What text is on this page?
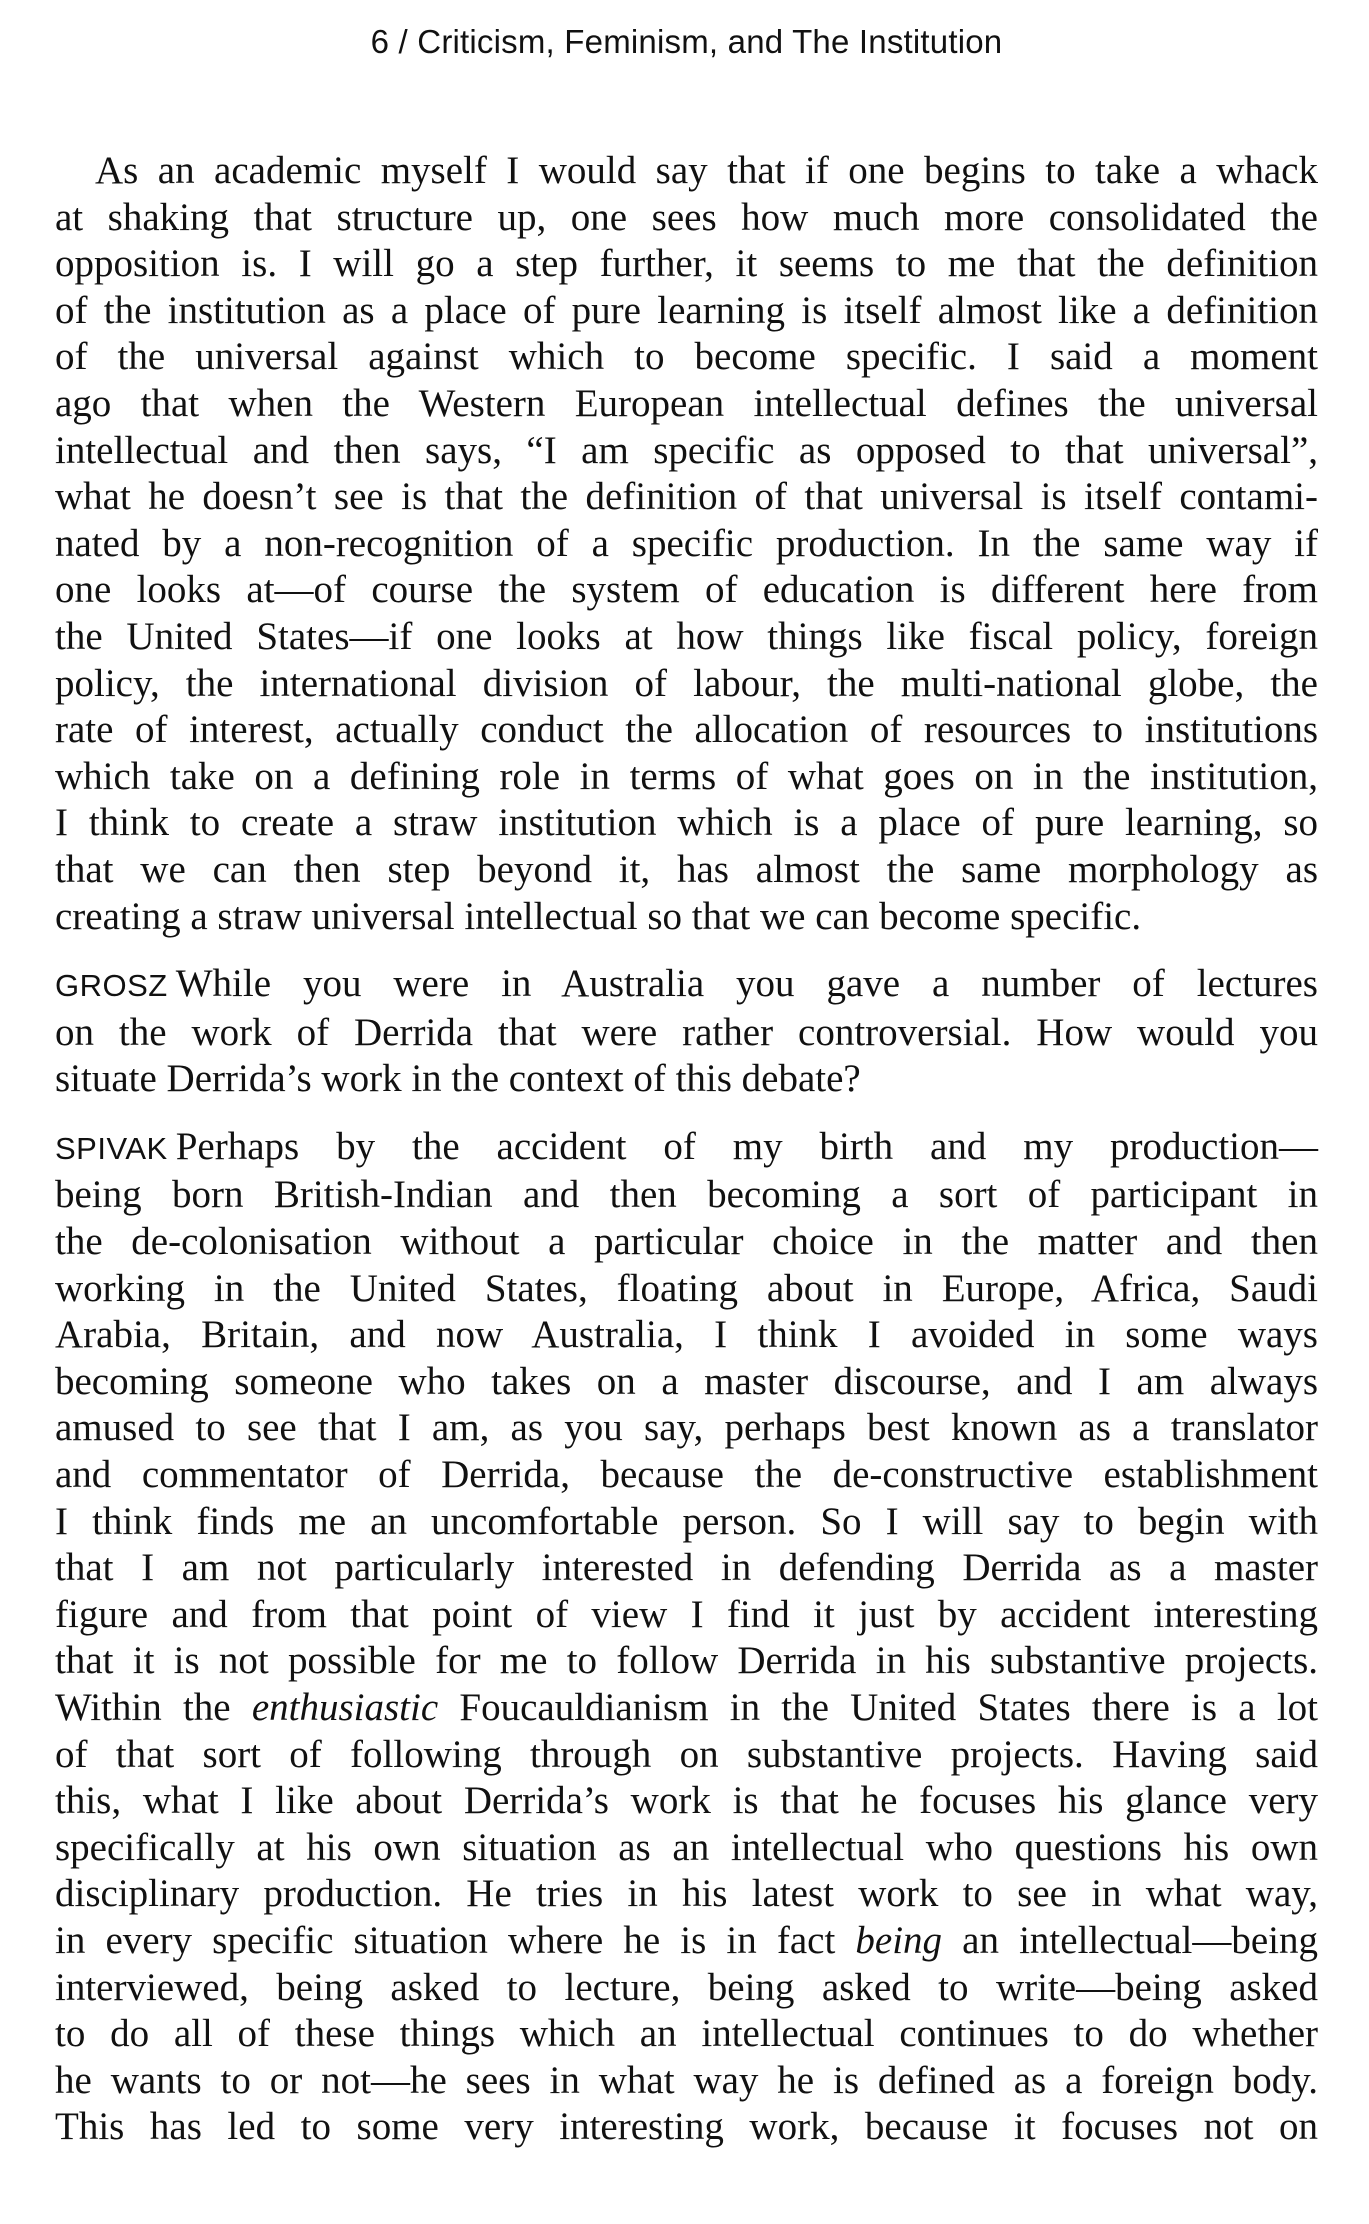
6 / Criticism, Feminism, and The Institution
As an academic myself I would say that if one begins to take a whack
at shaking that structure up, one sees how much more consolidated the
opposition is. I will go a step further, it seems to me that the definition
of the institution as a place of pure learning is itself almost like a definition
of the universal against which to become specific. I said a moment
ago that when the Western European intellectual defines the universal
intellectual and then says, “I am specific as opposed to that universal”,
what he doesn’t see is that the definition of that universal is itself contami-
nated by a non-recognition of a specific production. In the same way if
one looks at—of course the system of education is different here from
the United States—if one looks at how things like fiscal policy, foreign
policy, the international division of labour, the multi-national globe, the
rate of interest, actually conduct the allocation of resources to institutions
which take on a defining role in terms of what goes on in the institution,
I think to create a straw institution which is a place of pure learning, so
that we can then step beyond it, has almost the same morphology as
creating a straw universal intellectual so that we can become specific.
GROSZ While you were in Australia you gave a number of lectures
on the work of Derrida that were rather controversial. How would you
situate Derrida’s work in the context of this debate?
SPIVAK Perhaps by the accident of my birth and my production—
being born British-Indian and then becoming a sort of participant in
the de-colonisation without a particular choice in the matter and then
working in the United States, floating about in Europe, Africa, Saudi
Arabia, Britain, and now Australia, I think I avoided in some ways
becoming someone who takes on a master discourse, and I am always
amused to see that I am, as you say, perhaps best known as a translator
and commentator of Derrida, because the de-constructive establishment
I think finds me an uncomfortable person. So I will say to begin with
that I am not particularly interested in defending Derrida as a master
figure and from that point of view I find it just by accident interesting
that it is not possible for me to follow Derrida in his substantive projects.
Within the enthusiastic Foucauldianism in the United States there is a lot
of that sort of following through on substantive projects. Having said
this, what I like about Derrida’s work is that he focuses his glance very
specifically at his own situation as an intellectual who questions his own
disciplinary production. He tries in his latest work to see in what way,
in every specific situation where he is in fact being an intellectual—being
interviewed, being asked to lecture, being asked to write—being asked
to do all of these things which an intellectual continues to do whether
he wants to or not—he sees in what way he is defined as a foreign body.
This has led to some very interesting work, because it focuses not on
